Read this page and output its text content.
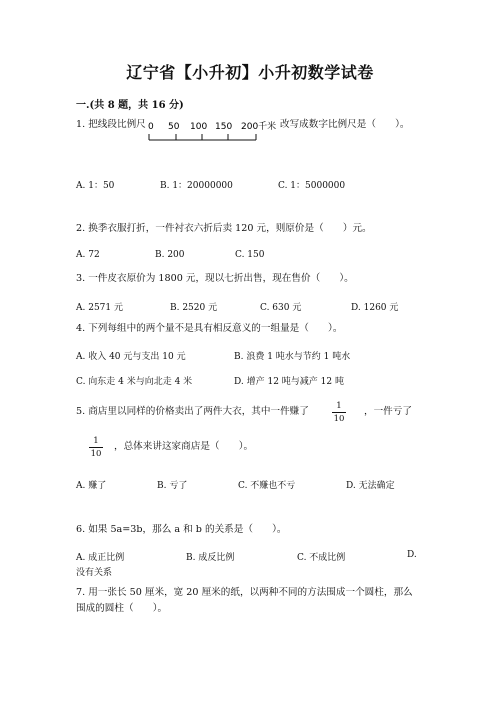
辽宁省【小升初】小升初数学试卷
一.(共 8 题，共 16 分)
1. 把线段比例尺 0 50 100 150 200千米 改写成数字比例尺是（　　）。
A. 1：50	B. 1：20000000	C. 1：5000000
2. 换季衣服打折，一件衬衣六折后卖 120 元，则原价是（　　）元。
A. 72	B. 200	C. 150
3. 一件皮衣原价为 1800 元，现以七折出售，现在售价（　　）。
A. 2571 元	B. 2520 元	C. 630 元	D. 1260 元
4. 下列每组中的两个量不是具有相反意义的一组量是（　　）。
A. 收入 40 元与支出 10 元	B. 浪费 1 吨水与节约 1 吨水
C. 向东走 4 米与向北走 4 米	D. 增产 12 吨与减产 12 吨
5. 商店里以同样的价格卖出了两件大衣，其中一件赚了	1
10
，一件亏了
1
10
，总体来讲这家商店是（　　）。
A. 赚了	B. 亏了	C. 不赚也不亏	D. 无法确定
6. 如果 5a=3b，那么 a 和 b 的关系是（　　）。
A. 成正比例	B. 成反比例	C. 不成比例	D.
没有关系
7. 用一张长 50 厘米，宽 20 厘米的纸，以两种不同的方法围成一个圆柱，那么
围成的圆柱（　　）。
